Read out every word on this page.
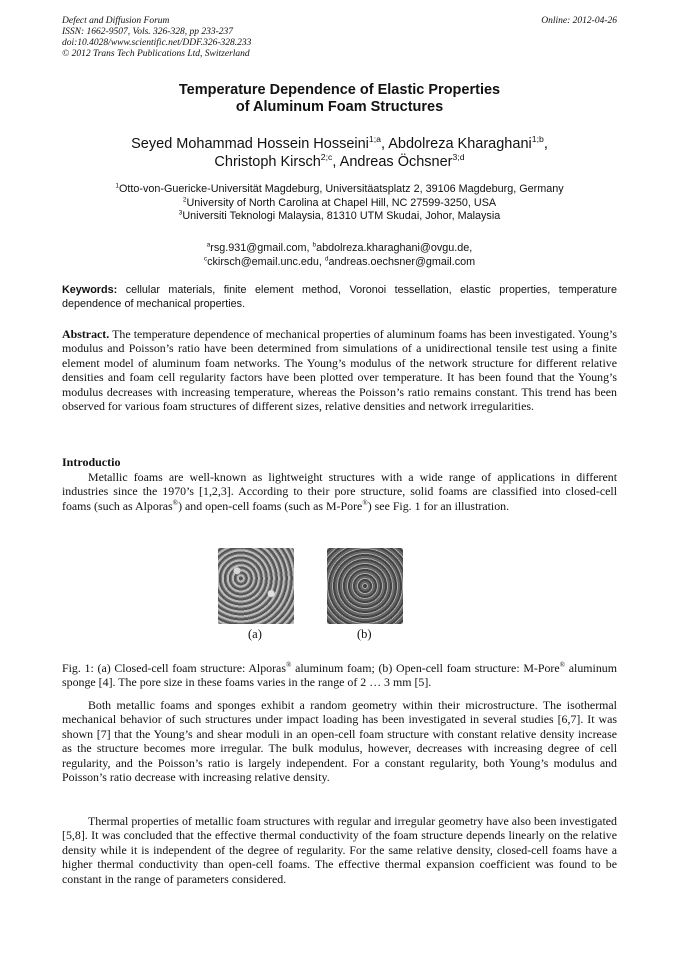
Defect and Diffusion Forum
ISSN: 1662-9507, Vols. 326-328, pp 233-237
doi:10.4028/www.scientific.net/DDF.326-328.233
© 2012 Trans Tech Publications Ltd, Switzerland
Online: 2012-04-26
Temperature Dependence of Elastic Properties
of Aluminum Foam Structures
Seyed Mohammad Hossein Hosseini$^{1;a}$, Abdolreza Kharaghani$^{1;b}$,
Christoph Kirsch$^{2;c}$, Andreas Öchsner$^{3;d}$
$^1$Otto-von-Guericke-Universität Magdeburg, Universitäatsplatz 2, 39106 Magdeburg, Germany
$^2$University of North Carolina at Chapel Hill, NC 27599-3250, USA
$^3$Universiti Teknologi Malaysia, 81310 UTM Skudai, Johor, Malaysia
$^a$rsg.931@gmail.com, $^b$abdolreza.kharaghani@ovgu.de,
$^c$ckirsch@email.unc.edu, $^d$andreas.oechsner@gmail.com
Keywords: cellular materials, finite element method, Voronoi tessellation, elastic properties, temperature dependence of mechanical properties.
Abstract. The temperature dependence of mechanical properties of aluminum foams has been investigated. Young’s modulus and Poisson’s ratio have been determined from simulations of a unidirectional tensile test using a finite element model of aluminum foam networks. The Young’s modulus of the network structure for different relative densities and foam cell regularity factors have been plotted over temperature. It has been found that the Young’s modulus decreases with increasing temperature, whereas the Poisson’s ratio remains constant. This trend has been observed for various foam structures of different sizes, relative densities and network irregularities.
Introductio
Metallic foams are well-known as lightweight structures with a wide range of applications in different industries since the 1970’s [1,2,3]. According to their pore structure, solid foams are classified into closed-cell foams (such as Alporas®) and open-cell foams (such as M-Pore®) see Fig. 1 for an illustration.
(a)	(b)
Fig. 1: (a) Closed-cell foam structure: Alporas® aluminum foam; (b) Open-cell foam structure: M-Pore® aluminum sponge [4]. The pore size in these foams varies in the range of 2 … 3 mm [5].
Both metallic foams and sponges exhibit a random geometry within their microstructure. The isothermal mechanical behavior of such structures under impact loading has been investigated in several studies [6,7]. It was shown [7] that the Young’s and shear moduli in an open-cell foam structure with constant relative density increase as the structure becomes more irregular. The bulk modulus, however, decreases with increasing degree of cell regularity, and the Poisson’s ratio is largely independent. For a constant regularity, both Young’s modulus and Poisson’s ratio decrease with increasing relative density.
Thermal properties of metallic foam structures with regular and irregular geometry have also been investigated [5,8]. It was concluded that the effective thermal conductivity of the foam structure depends linearly on the relative density while it is independent of the degree of regularity. For the same relative density, closed-cell foams have a higher thermal conductivity than open-cell foams. The effective thermal expansion coefficient was found to be constant in the range of parameters considered.
